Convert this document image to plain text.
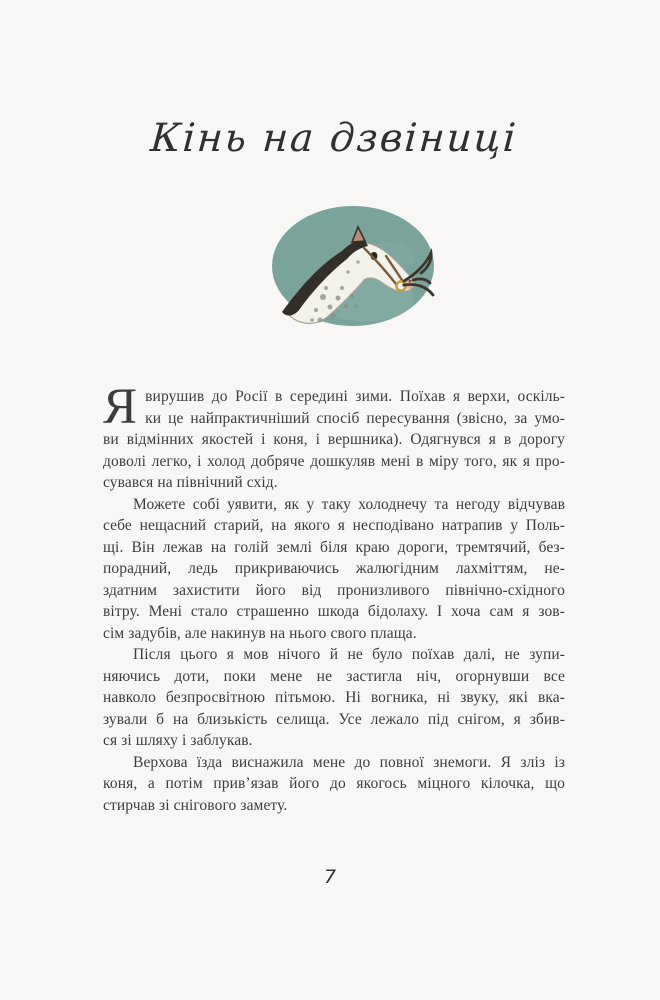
Кінь на дзвіниці
Я вирушив до Росії в середині зими. Поїхав я верхи, оскіль-
ки це найпрактичніший спосіб пересування (звісно, за умо-
ви відмінних якостей і коня, і вершника). Одягнувся я в дорогу
доволі легко, і холод добряче дошкуляв мені в міру того, як я про-
сувався на північний схід.
Можете собі уявити, як у таку холоднечу та негоду відчував
себе нещасний старий, на якого я несподівано натрапив у Поль-
щі. Він лежав на голій землі біля краю дороги, тремтячий, без-
порадний, ледь прикриваючись жалюгідним лахміттям, не-
здатним захистити його від пронизливого північно-східного
вітру. Мені стало страшенно шкода бідолаху. І хоча сам я зов-
сім задубів, але накинув на нього свого плаща.
Після цього я мов нічого й не було поїхав далі, не зупи-
няючись доти, поки мене не застигла ніч, огорнувши все
навколо безпросвітною пітьмою. Ні вогника, ні звуку, які вка-
зували б на близькість селища. Усе лежало під снігом, я збив-
ся зі шляху і заблукав.
Верхова їзда виснажила мене до повної знемоги. Я зліз із
коня, а потім прив’язав його до якогось міцного кілочка, що
стирчав зі снігового замету.
7
